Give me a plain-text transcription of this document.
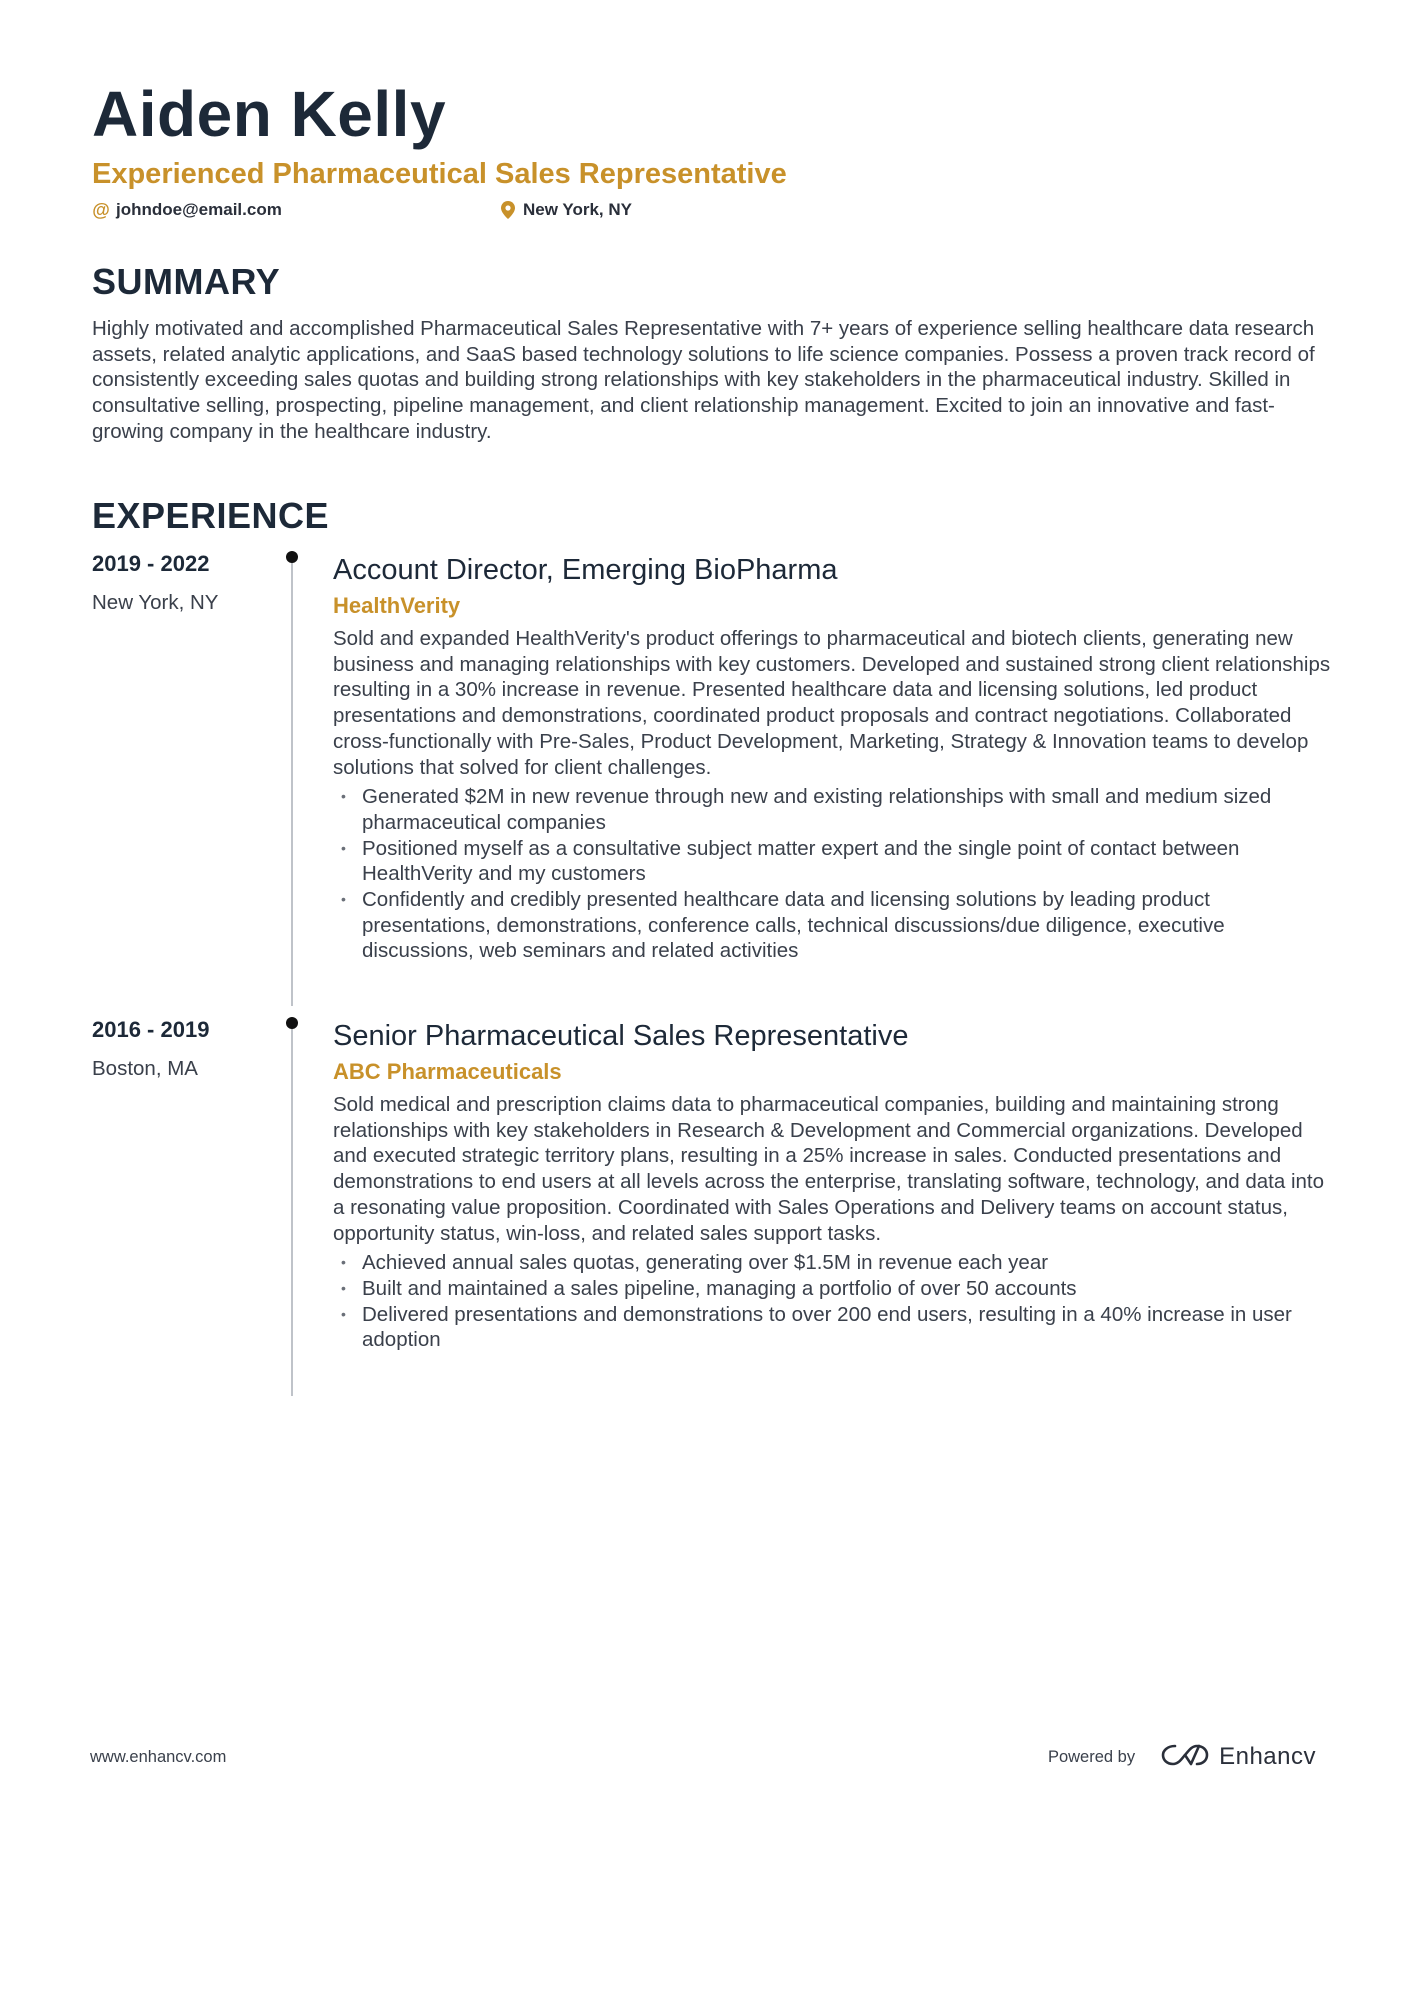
Aiden Kelly
Experienced Pharmaceutical Sales Representative
@ johndoe@email.com	New York, NY
SUMMARY
Highly motivated and accomplished Pharmaceutical Sales Representative with 7+ years of experience selling healthcare data research assets, related analytic applications, and SaaS based technology solutions to life science companies. Possess a proven track record of consistently exceeding sales quotas and building strong relationships with key stakeholders in the pharmaceutical industry. Skilled in consultative selling, prospecting, pipeline management, and client relationship management. Excited to join an innovative and fast-growing company in the healthcare industry.
EXPERIENCE
2019 - 2022
New York, NY
Account Director, Emerging BioPharma
HealthVerity
Sold and expanded HealthVerity's product offerings to pharmaceutical and biotech clients, generating new business and managing relationships with key customers. Developed and sustained strong client relationships resulting in a 30% increase in revenue. Presented healthcare data and licensing solutions, led product presentations and demonstrations, coordinated product proposals and contract negotiations. Collaborated cross-functionally with Pre-Sales, Product Development, Marketing, Strategy & Innovation teams to develop solutions that solved for client challenges.
• Generated $2M in new revenue through new and existing relationships with small and medium sized pharmaceutical companies
• Positioned myself as a consultative subject matter expert and the single point of contact between HealthVerity and my customers
• Confidently and credibly presented healthcare data and licensing solutions by leading product presentations, demonstrations, conference calls, technical discussions/due diligence, executive discussions, web seminars and related activities
2016 - 2019
Boston, MA
Senior Pharmaceutical Sales Representative
ABC Pharmaceuticals
Sold medical and prescription claims data to pharmaceutical companies, building and maintaining strong relationships with key stakeholders in Research & Development and Commercial organizations. Developed and executed strategic territory plans, resulting in a 25% increase in sales. Conducted presentations and demonstrations to end users at all levels across the enterprise, translating software, technology, and data into a resonating value proposition. Coordinated with Sales Operations and Delivery teams on account status, opportunity status, win-loss, and related sales support tasks.
• Achieved annual sales quotas, generating over $1.5M in revenue each year
• Built and maintained a sales pipeline, managing a portfolio of over 50 accounts
• Delivered presentations and demonstrations to over 200 end users, resulting in a 40% increase in user adoption
www.enhancv.com	Powered by	Enhancv
